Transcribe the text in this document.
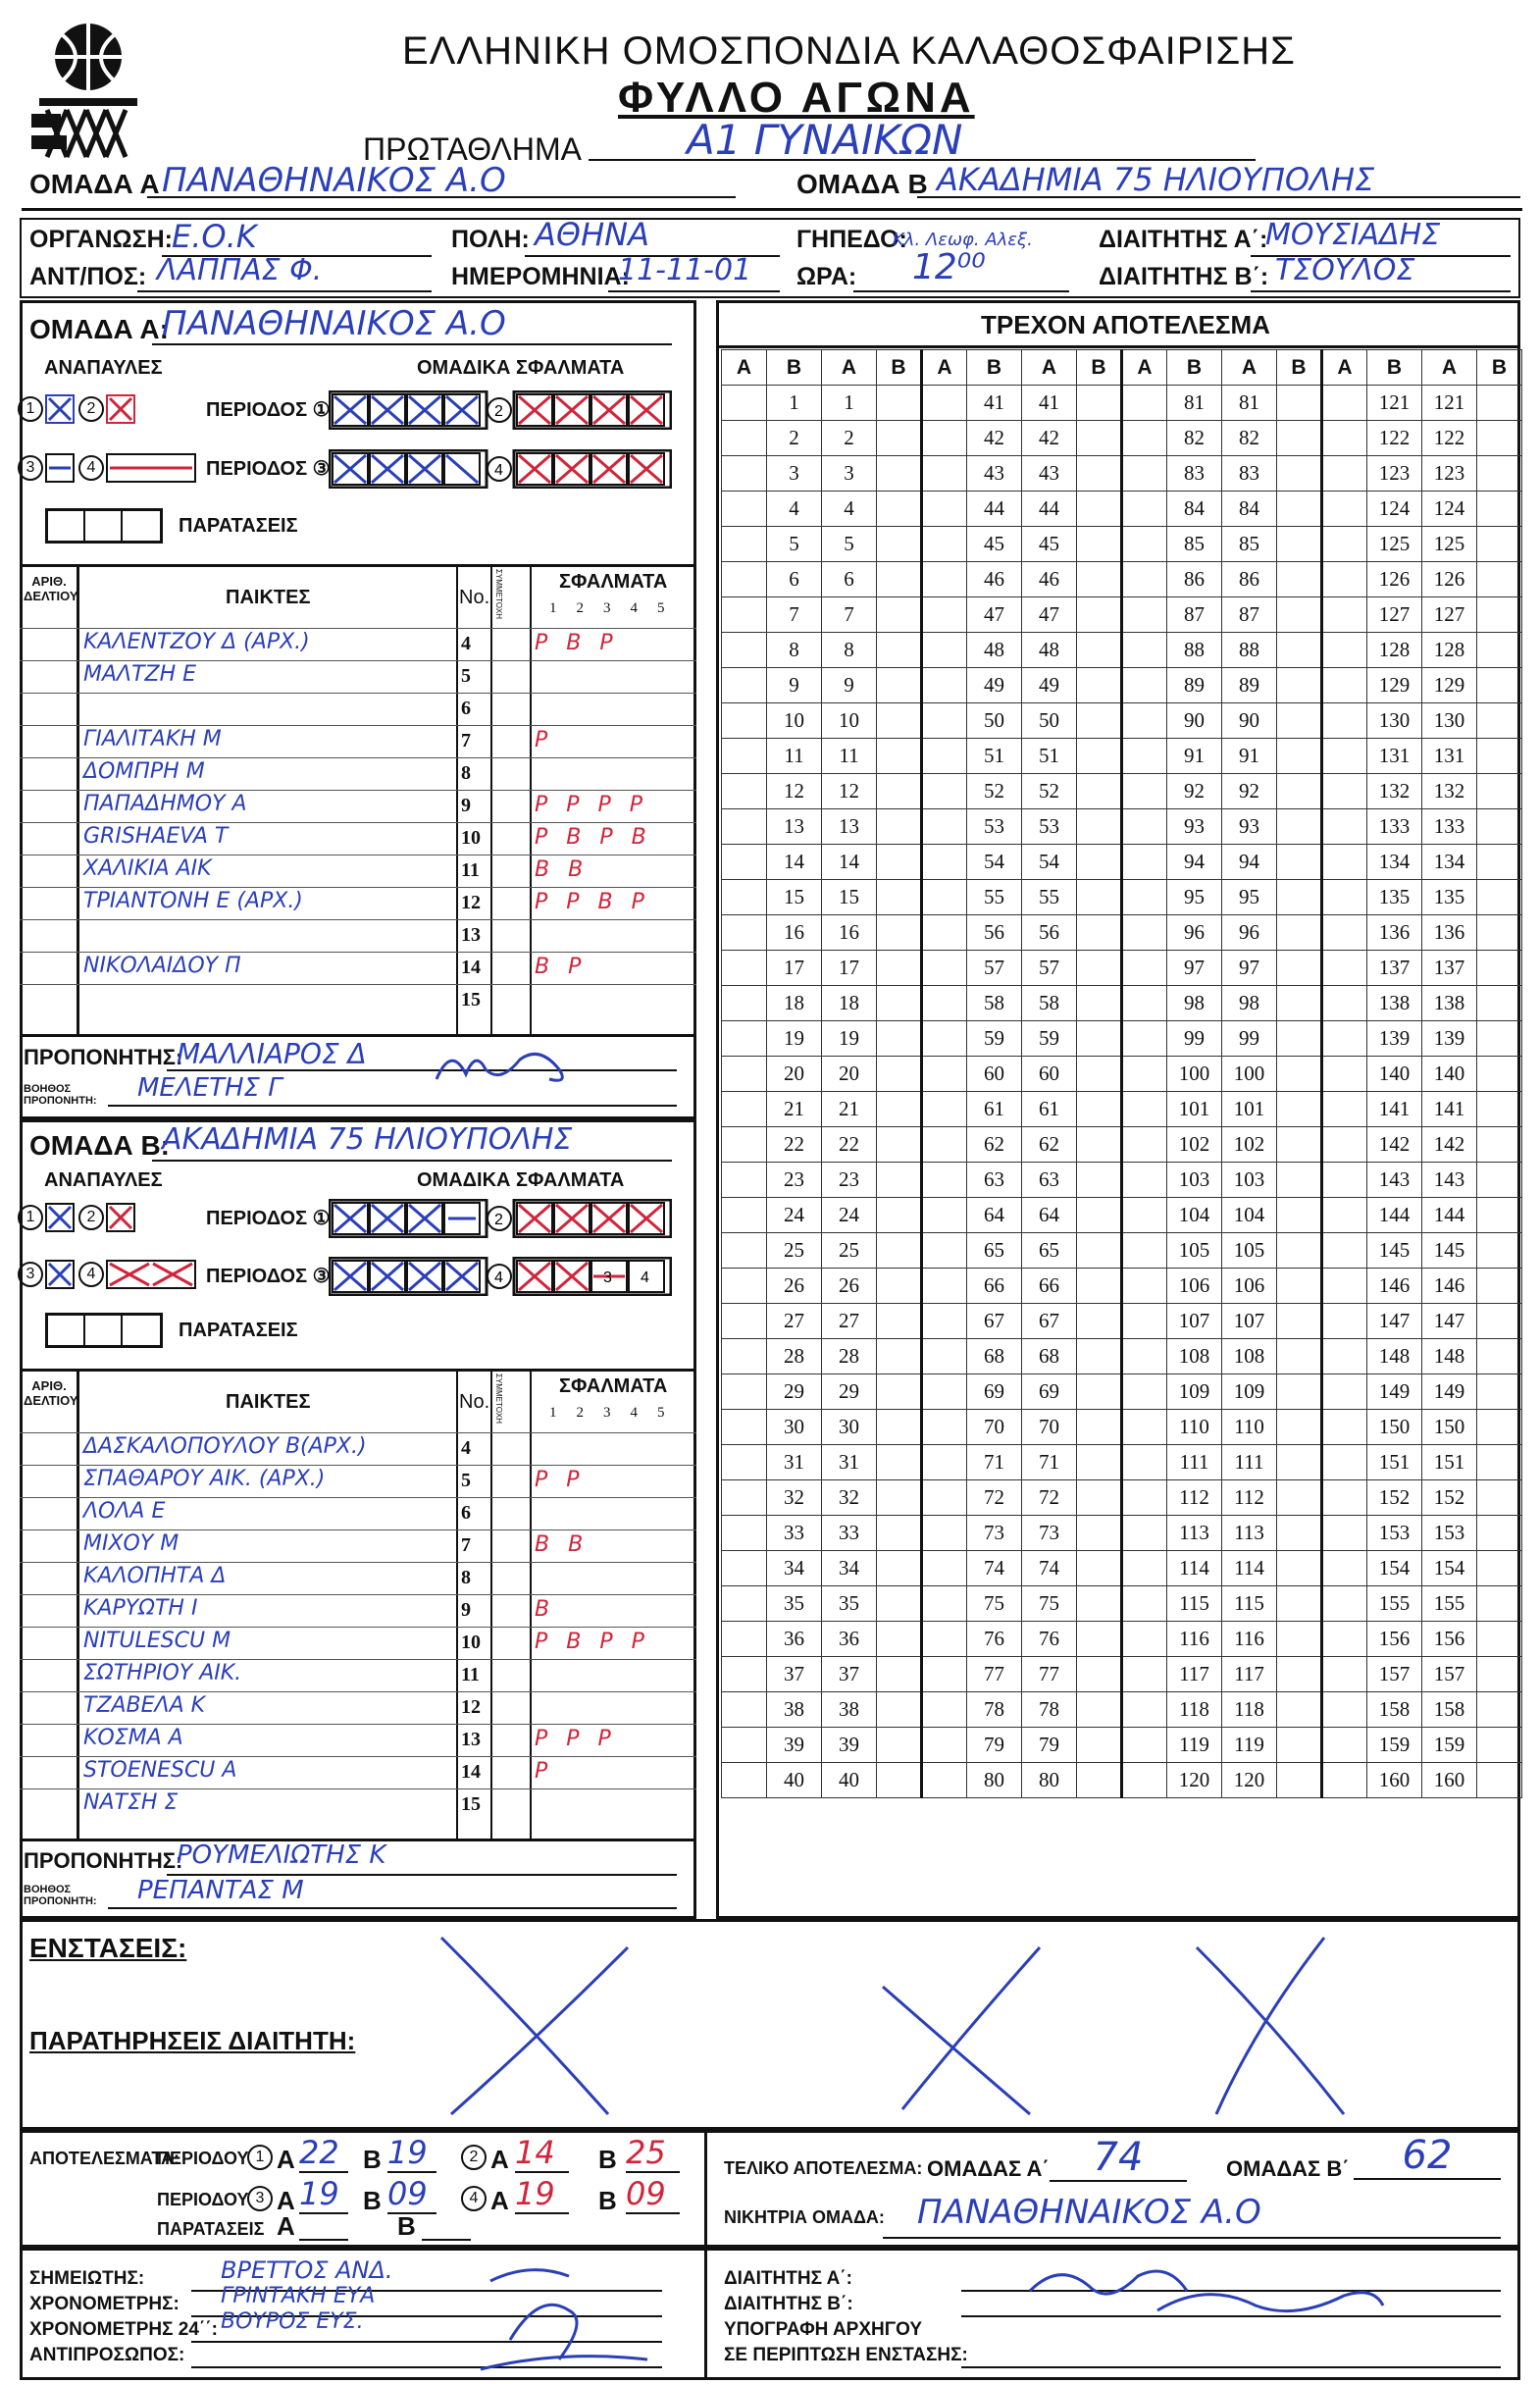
ΕΛΛΗΝΙΚΗ ΟΜΟΣΠΟΝΔΙΑ ΚΑΛΑΘΟΣΦΑΙΡΙΣΗΣ
ΦΥΛΛΟ ΑΓΩΝΑ
ΠΡΩΤΑΘΛΗΜΑ	Α1 ΓΥΝΑΙΚΩΝ
ΟΜΑΔΑ Α ΠΑΝΑΘΗΝΑΙΚΟΣ Α.Ο	ΟΜΑΔΑ Β ΑΚΑΔΗΜΙΑ 75 ΗΛΙΟΥΠΟΛΗΣ
ΟΡΓΑΝΩΣΗ: Ε.Ο.Κ	ΠΟΛΗ: ΑΘΗΝΑ	ΓΗΠΕΔΟ:
Κλ. Λεωφ. Αλεξ.	ΔΙΑΙΤΗΤΗΣ Α΄:
ΜΟΥΣΙΑΔΗΣ
ΑΝΤ/ΠΟΣ: ΛΑΠΠΑΣ Φ.	ΗΜΕΡΟΜΗΝΙΑ:
11-11-01 ΩΡΑ: 12⁰⁰	ΔΙΑΙΤΗΤΗΣ Β΄: ΤΣΟΥΛΟΣ
ΟΜΑΔΑ Α:
ΠΑΝΑΘΗΝΑΙΚΟΣ Α.Ο
ΑΝΑΠΑΥΛΕΣ	ΟΜΑΔΙΚΑ ΣΦΑΛΜΑΤΑ
1	2	ΠΕΡΙΟΔΟΣ ①	2
3	4	ΠΕΡΙΟΔΟΣ ③	4
ΠΑΡΑΤΑΣΕΙΣ
ΑΡΙΘ. ΔΕΛΤΙΟΥ	ΠΑΙΚΤΕΣ	No. ΣΥΜΜΕΤΟΧΗ	ΣΦΑΛΜΑΤΑ
12345
ΚΑΛΕΝΤΖΟΥ Δ (ΑΡΧ.)	4	P B P
ΜΑΛΤΖΗ Ε	5
6
ΓΙΑΛΙΤΑΚΗ Μ	7	P
ΔΟΜΠΡΗ Μ	8
ΠΑΠΑΔΗΜΟΥ Α	9	P P P P
GRISHAEVA Τ	10	P B P B
ΧΑΛΙΚΙΑ ΑΙΚ	11	B B
ΤΡΙΑΝΤΟΝΗ Ε (ΑΡΧ.)	12	P P B P
13
ΝΙΚΟΛΑΙΔΟΥ Π	14	B P
15
ΠΡΟΠΟΝΗΤΗΣ:
ΜΑΛΛΙΑΡΟΣ Δ
ΒΟΗΘΟΣ ΠΡΟΠΟΝΗΤΗ: ΜΕΛΕΤΗΣ Γ
ΟΜΑΔΑ Β:
ΑΚΑΔΗΜΙΑ 75 ΗΛΙΟΥΠΟΛΗΣ
ΑΝΑΠΑΥΛΕΣ	ΟΜΑΔΙΚΑ ΣΦΑΛΜΑΤΑ
1	2	ΠΕΡΙΟΔΟΣ ①	2
3	4	ΠΕΡΙΟΔΟΣ ③	4	3 4
ΠΑΡΑΤΑΣΕΙΣ
ΑΡΙΘ. ΔΕΛΤΙΟΥ	ΠΑΙΚΤΕΣ	No. ΣΥΜΜΕΤΟΧΗ	ΣΦΑΛΜΑΤΑ
12345
ΔΑΣΚΑΛΟΠΟΥΛΟΥ Β(ΑΡΧ.)	4
ΣΠΑΘΑΡΟΥ ΑΙΚ. (ΑΡΧ.)	5	P P
ΛΟΛΑ Ε	6
ΜΙΧΟΥ Μ	7	B B
ΚΑΛΟΠΗΤΑ Δ	8
ΚΑΡΥΩΤΗ Ι	9	B
NITULESCU Μ	10	P B P P
ΣΩΤΗΡΙΟΥ ΑΙΚ.	11
ΤΖΑΒΕΛΑ Κ	12
ΚΟΣΜΑ Α	13	P P P
STOENESCU Α	14	P
ΝΑΤΣΗ Σ	15
ΠΡΟΠΟΝΗΤΗΣ:
ΡΟΥΜΕΛΙΩΤΗΣ Κ
ΒΟΗΘΟΣ ΠΡΟΠΟΝΗΤΗ: ΡΕΠΑΝΤΑΣ Μ
ΤΡΕΧΟΝ ΑΠΟΤΕΛΕΣΜΑ
Α	Β	Α	Β	Α	Β	Α	Β	Α	Β	Α	Β	Α	Β	Α	Β
	1	1			41	41			81	81			121	121	
	2	2			42	42			82	82			122	122	
	3	3			43	43			83	83			123	123	
	4	4			44	44			84	84			124	124	
	5	5			45	45			85	85			125	125	
	6	6			46	46			86	86			126	126	
	7	7			47	47			87	87			127	127	
	8	8			48	48			88	88			128	128	
	9	9			49	49			89	89			129	129	
	10	10			50	50			90	90			130	130	
	11	11			51	51			91	91			131	131	
	12	12			52	52			92	92			132	132	
	13	13			53	53			93	93			133	133	
	14	14			54	54			94	94			134	134	
	15	15			55	55			95	95			135	135	
	16	16			56	56			96	96			136	136	
	17	17			57	57			97	97			137	137	
	18	18			58	58			98	98			138	138	
	19	19			59	59			99	99			139	139	
	20	20			60	60			100	100			140	140	
	21	21			61	61			101	101			141	141	
	22	22			62	62			102	102			142	142	
	23	23			63	63			103	103			143	143	
	24	24			64	64			104	104			144	144	
	25	25			65	65			105	105			145	145	
	26	26			66	66			106	106			146	146	
	27	27			67	67			107	107			147	147	
	28	28			68	68			108	108			148	148	
	29	29			69	69			109	109			149	149	
	30	30			70	70			110	110			150	150	
	31	31			71	71			111	111			151	151	
	32	32			72	72			112	112			152	152	
	33	33			73	73			113	113			153	153	
	34	34			74	74			114	114			154	154	
	35	35			75	75			115	115			155	155	
	36	36			76	76			116	116			156	156	
	37	37			77	77			117	117			157	157	
	38	38			78	78			118	118			158	158	
	39	39			79	79			119	119			159	159	
	40	40			80	80			120	120			160	160	
ΕΝΣΤΑΣΕΙΣ:
ΠΑΡΑΤΗΡΗΣΕΙΣ ΔΙΑΙΤΗΤΗ:
ΑΠΟΤΕΛΕΣΜΑΤΑ:
ΠΕΡΙΟΔΟΥ 1 A 22 B 19	2 A 14	B 25
ΠΕΡΙΟΔΟΥ 3 A 19 B 09	4 A 19	B 09
ΠΑΡΑΤΑΣΕΙΣ A	B
ΤΕΛΙΚΟ ΑΠΟΤΕΛΕΣΜΑ: ΟΜΑΔΑΣ Α΄	74	ΟΜΑΔΑΣ Β΄	62
ΝΙΚΗΤΡΙΑ ΟΜΑΔΑ: ΠΑΝΑΘΗΝΑΙΚΟΣ Α.Ο
ΣΗΜΕΙΩΤΗΣ:	ΒΡΕΤΤΟΣ ΑΝΔ.
ΧΡΟΝΟΜΕΤΡΗΣ: ΓΡΙΝΤΑΚΗ ΕΥΑ
ΧΡΟΝΟΜΕΤΡΗΣ 24΄΄: ΒΟΥΡΟΣ ΕΥΣ.
ΑΝΤΙΠΡΟΣΩΠΟΣ:
ΔΙΑΙΤΗΤΗΣ Α΄:
ΔΙΑΙΤΗΤΗΣ Β΄:
ΥΠΟΓΡΑΦΗ ΑΡΧΗΓΟΥ
ΣΕ ΠΕΡΙΠΤΩΣΗ ΕΝΣΤΑΣΗΣ:
